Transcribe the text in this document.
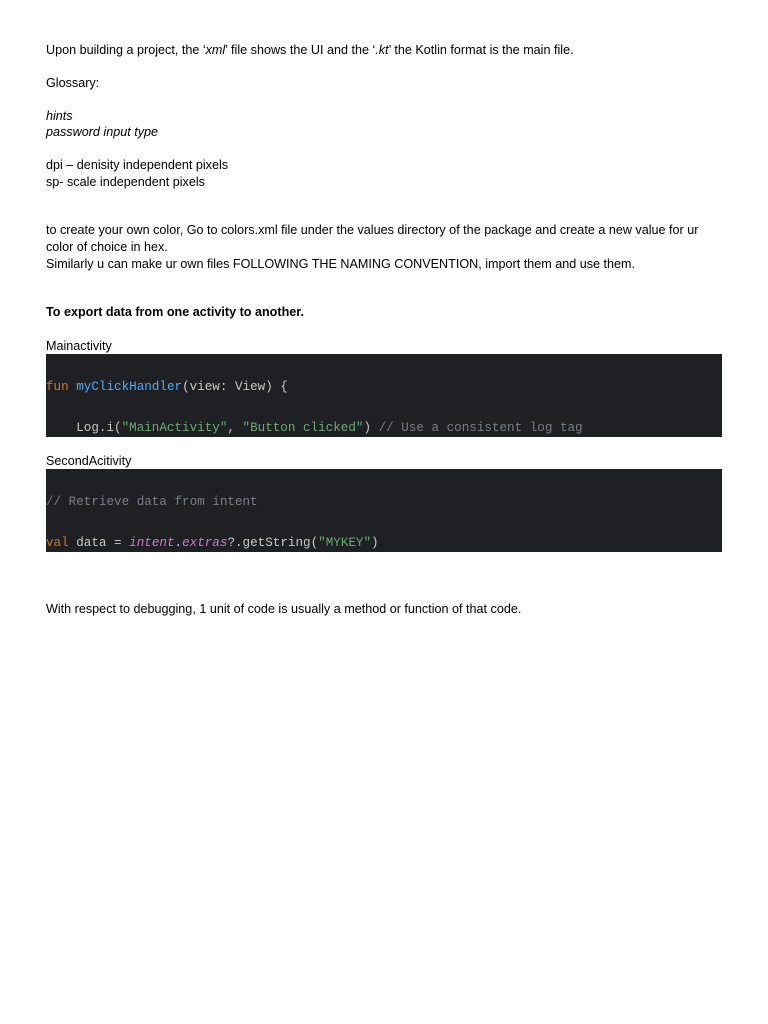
Upon building a project, the ‘xml’ file shows the UI and the ‘.kt’ the Kotlin format is the main file.
Glossary:
hints
password input type
dpi – denisity independent pixels
sp- scale independent pixels
to create your own color, Go to colors.xml file under the values directory of the package and create a new value for ur color of choice in hex.
Similarly u can make ur own files FOLLOWING THE NAMING CONVENTION, import them and use them.
To export data from one activity to another.
Mainactivity

fun myClickHandler(view: View) {

Log.i("MainActivity", "Button clicked") // Use a consistent log tag

SecondAcitivity

// Retrieve data from intent

val data = intent.extras?.getString("MYKEY")

With respect to debugging, 1 unit of code is usually a method or function of that code.
